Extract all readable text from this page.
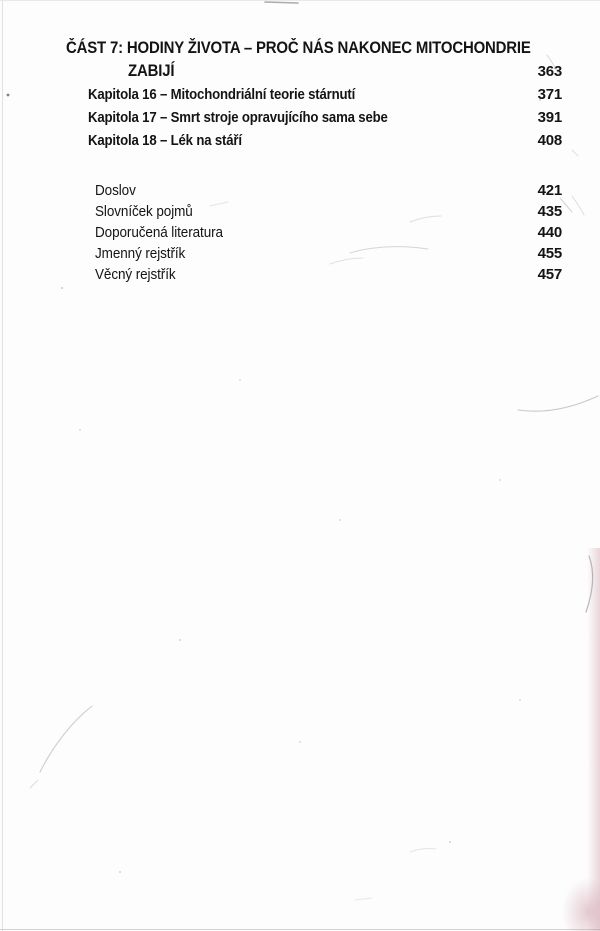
ČÁST 7: HODINY ŽIVOTA – PROČ NÁS NAKONEC MITOCHONDRIE
ZABIJÍ	363
Kapitola 16 – Mitochondriální teorie stárnutí	371
Kapitola 17 – Smrt stroje opravujícího sama sebe	391
Kapitola 18 – Lék na stáří	408
Doslov	421
Slovníček pojmů	435
Doporučená literatura	440
Jmenný rejstřík	455
Věcný rejstřík	457
